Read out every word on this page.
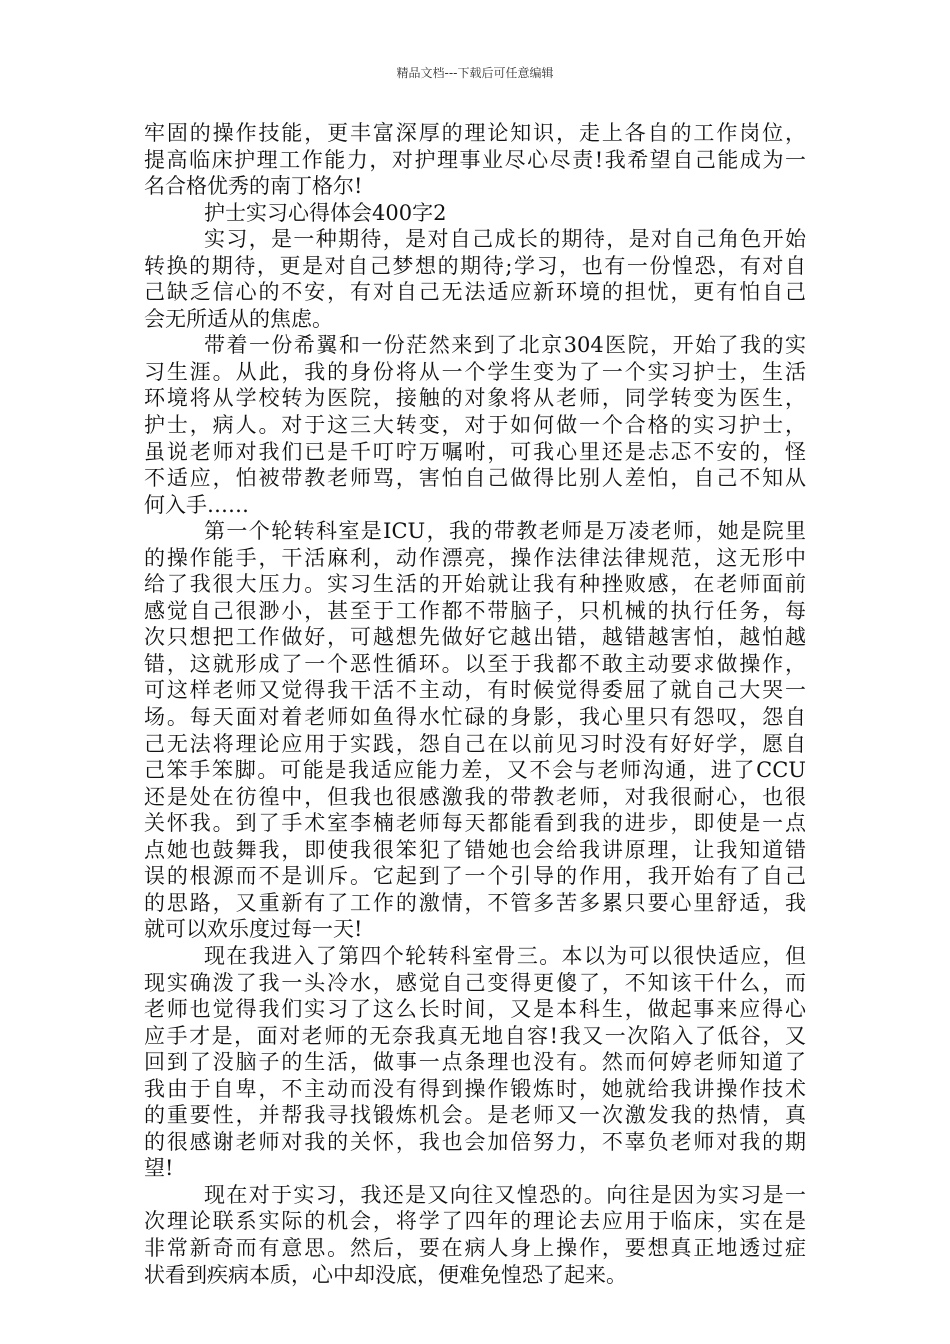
精品文档---下载后可任意编辑
牢固的操作技能，更丰富深厚的理论知识，走上各自的工作岗位，
提高临床护理工作能力，对护理事业尽心尽责!我希望自己能成为一
名合格优秀的南丁格尔!
护士实习心得体会400字2
实习，是一种期待，是对自己成长的期待，是对自己角色开始
转换的期待，更是对自己梦想的期待;学习，也有一份惶恐，有对自
己缺乏信心的不安，有对自己无法适应新环境的担忧，更有怕自己
会无所适从的焦虑。
带着一份希翼和一份茫然来到了北京304医院，开始了我的实
习生涯。从此，我的身份将从一个学生变为了一个实习护士，生活
环境将从学校转为医院，接触的对象将从老师，同学转变为医生，
护士，病人。对于这三大转变，对于如何做一个合格的实习护士，
虽说老师对我们已是千叮咛万嘱咐，可我心里还是忐忑不安的，怪
不适应，怕被带教老师骂，害怕自己做得比别人差怕，自己不知从
何入手……
第一个轮转科室是ICU，我的带教老师是万凌老师，她是院里
的操作能手，干活麻利，动作漂亮，操作法律法律规范，这无形中
给了我很大压力。实习生活的开始就让我有种挫败感，在老师面前
感觉自己很渺小，甚至于工作都不带脑子，只机械的执行任务，每
次只想把工作做好，可越想先做好它越出错，越错越害怕，越怕越
错，这就形成了一个恶性循环。以至于我都不敢主动要求做操作，
可这样老师又觉得我干活不主动，有时候觉得委屈了就自己大哭一
场。每天面对着老师如鱼得水忙碌的身影，我心里只有怨叹，怨自
己无法将理论应用于实践，怨自己在以前见习时没有好好学，愿自
己笨手笨脚。可能是我适应能力差，又不会与老师沟通，进了CCU
还是处在彷徨中，但我也很感激我的带教老师，对我很耐心，也很
关怀我。到了手术室李楠老师每天都能看到我的进步，即使是一点
点她也鼓舞我，即使我很笨犯了错她也会给我讲原理，让我知道错
误的根源而不是训斥。它起到了一个引导的作用，我开始有了自己
的思路，又重新有了工作的激情，不管多苦多累只要心里舒适，我
就可以欢乐度过每一天!
现在我进入了第四个轮转科室骨三。本以为可以很快适应，但
现实确泼了我一头冷水，感觉自己变得更傻了，不知该干什么，而
老师也觉得我们实习了这么长时间，又是本科生，做起事来应得心
应手才是，面对老师的无奈我真无地自容!我又一次陷入了低谷，又
回到了没脑子的生活，做事一点条理也没有。然而何婷老师知道了
我由于自卑，不主动而没有得到操作锻炼时，她就给我讲操作技术
的重要性，并帮我寻找锻炼机会。是老师又一次激发我的热情，真
的很感谢老师对我的关怀，我也会加倍努力，不辜负老师对我的期
望!
现在对于实习，我还是又向往又惶恐的。向往是因为实习是一
次理论联系实际的机会，将学了四年的理论去应用于临床，实在是
非常新奇而有意思。然后，要在病人身上操作，要想真正地透过症
状看到疾病本质，心中却没底，便难免惶恐了起来。
